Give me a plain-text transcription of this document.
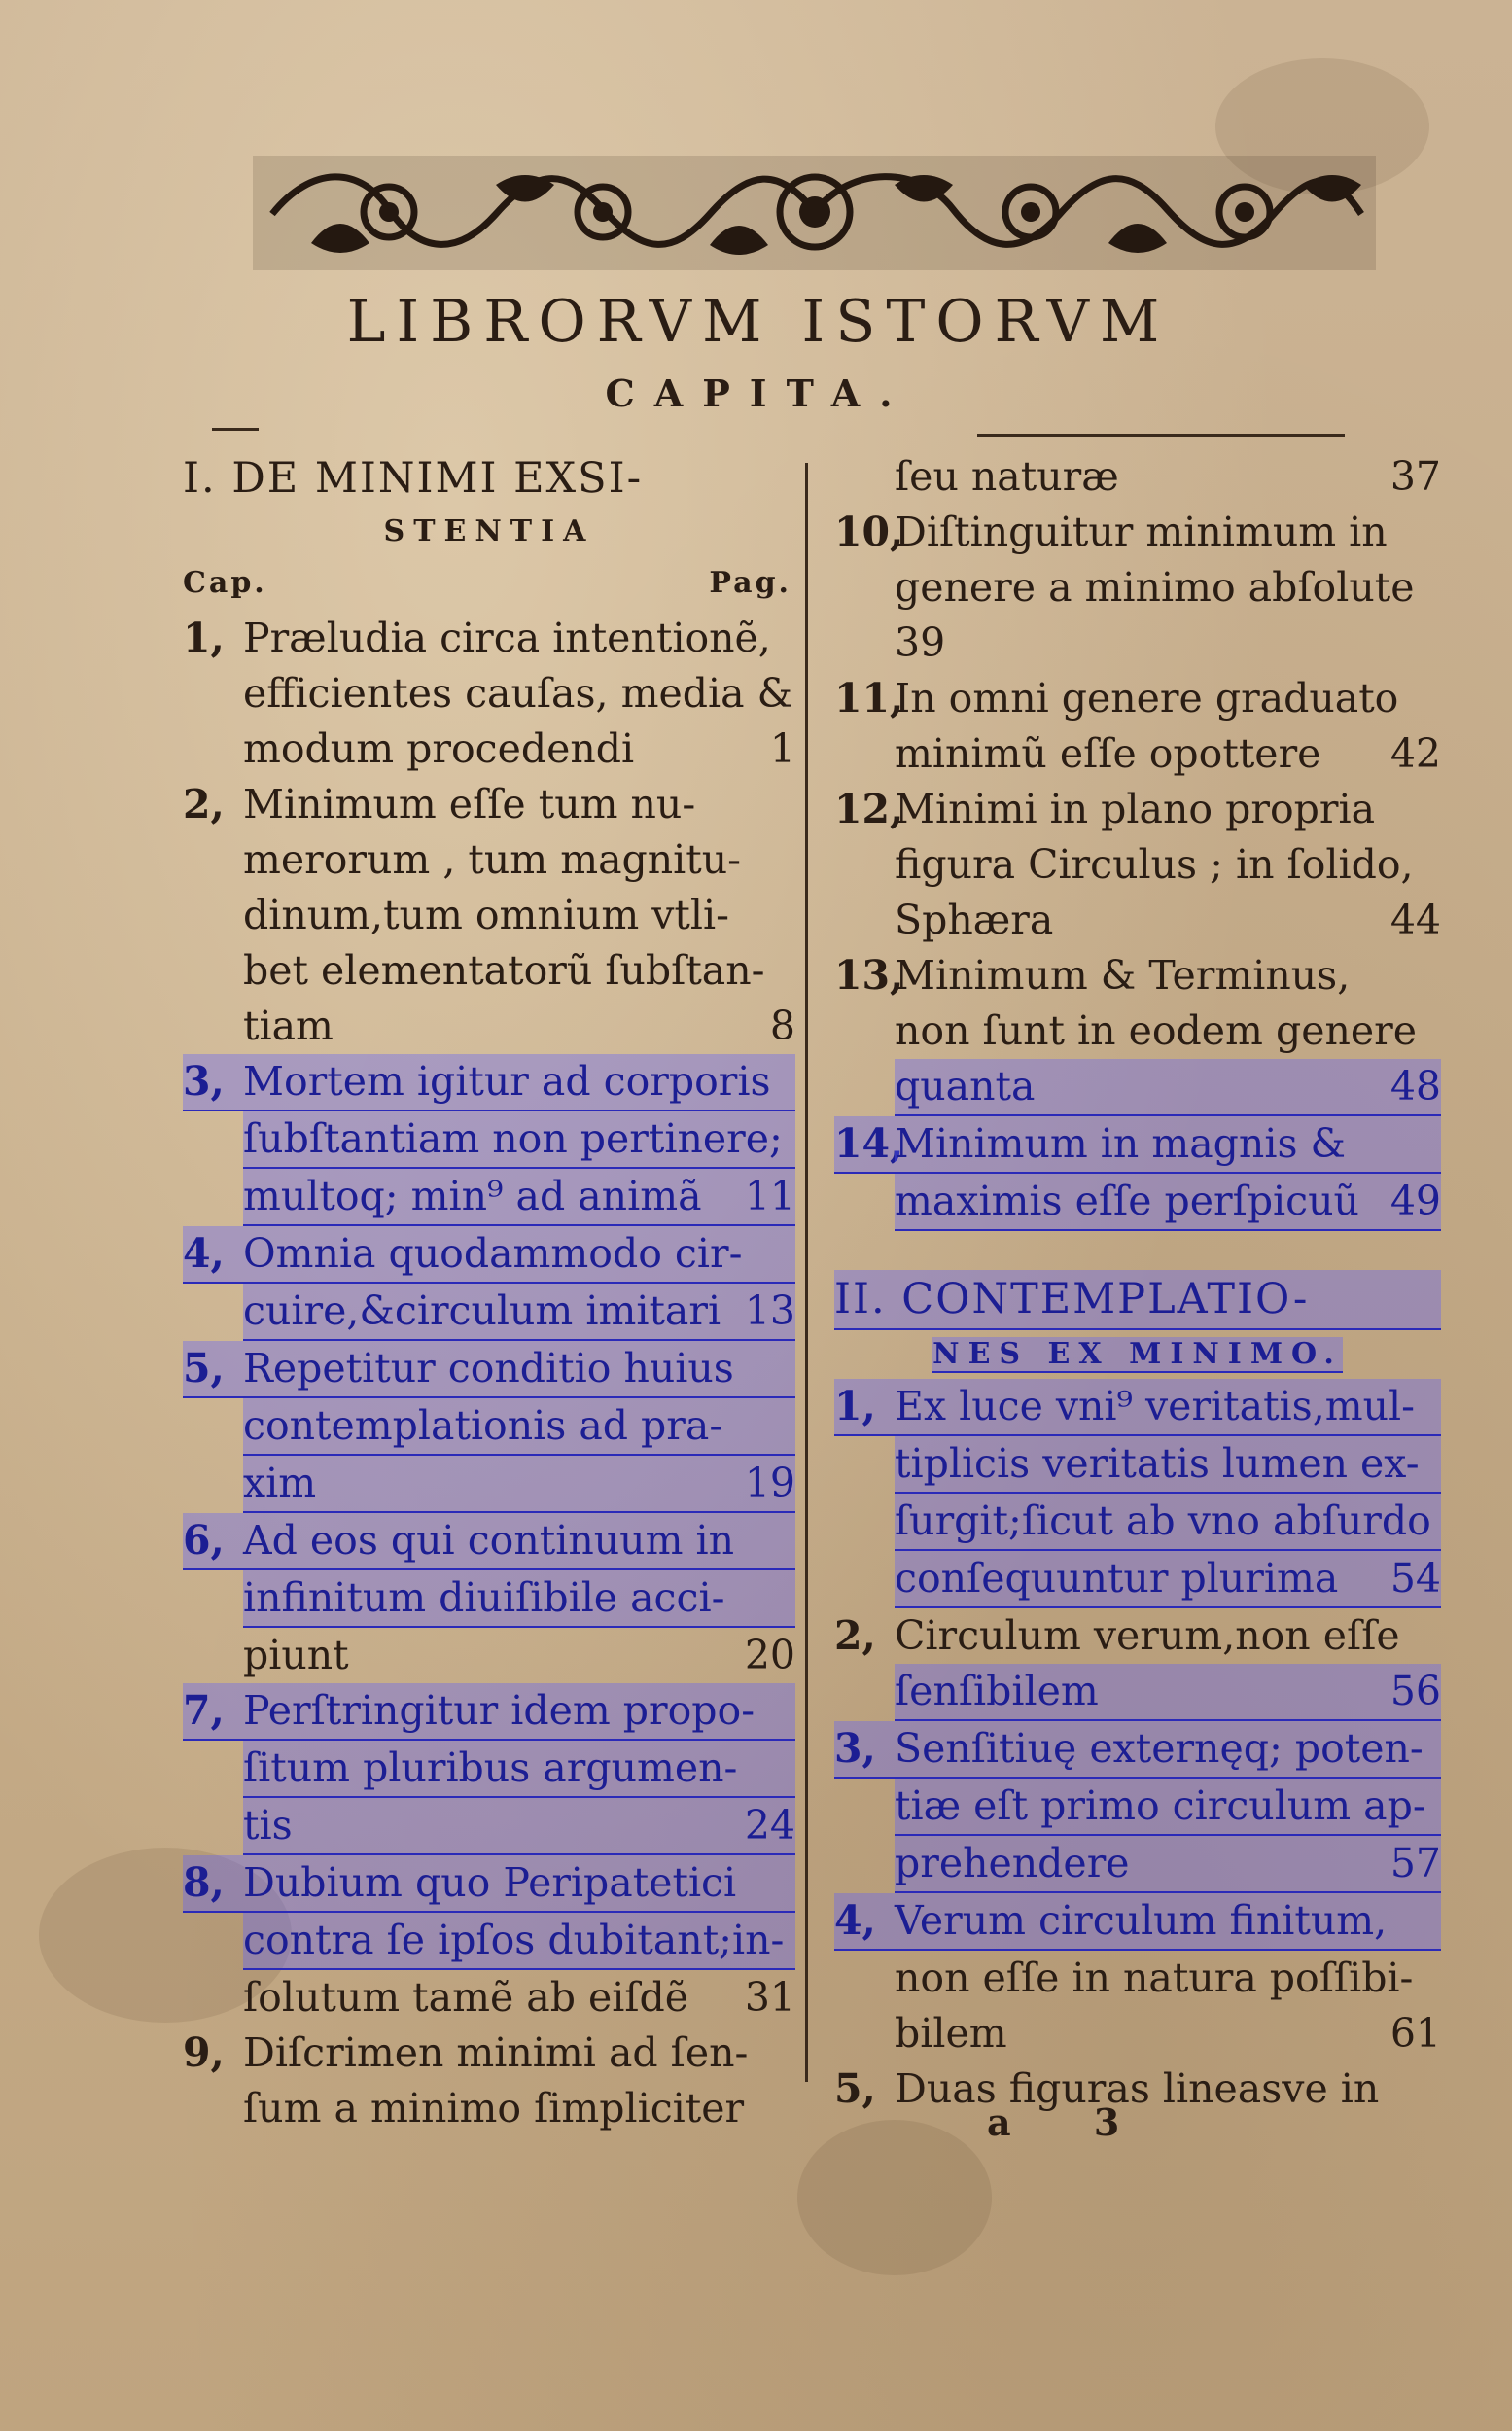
LIBRORVM ISTORVM
CAPITA.
I. DE MINIMI EXSI-
STENTIA
Cap.	Pag.
1, Præludia circa intentionẽ,
efficientes cauſas, media &
modum procedendi	1
2, Minimum eſſe tum nu-
merorum , tum magnitu-
dinum,tum omnium vtli-
bet elementatorũ ſubſtan-
tiam	8
3, Mortem igitur ad corporis
ſubſtantiam non pertinere;
multoq; min⁹ ad animã 11
4, Omnia quodammodo cir-
cuire,&circulum imitari 13
5, Repetitur conditio huius
contemplationis ad pra-
xim	19
6, Ad eos qui continuum in
infinitum diuiſibile acci-
piunt	20
7, Perſtringitur idem propo-
ſitum pluribus argumen-
tis	24
8, Dubium quo Peripatetici
contra ſe ipſos dubitant;in-
ſolutum tamẽ ab eiſdẽ 31
9, Diſcrimen minimi ad ſen-
ſum a minimo ſimpliciter
ſeu naturæ	37
10,
Diſtinguitur minimum in
genere a minimo abſolute
39
11,
In omni genere graduato
minimũ eſſe opottere 42
12,
Minimi in plano propria
figura Circulus ; in ſolido,
Sphæra	44
13,
Minimum & Terminus,
non ſunt in eodem genere
quanta	48
14,
Minimum in magnis &
maximis eſſe perſpicuũ 49
II. CONTEMPLATIO-
NES EX MINIMO.
1, Ex luce vni⁹ veritatis,mul-
tiplicis veritatis lumen ex-
ſurgit;ſicut ab vno abſurdo
conſequuntur plurima 54
2, Circulum verum,non eſſe
ſenſibilem	56
3, Senſitiuę externęq; poten-
tiæ eſt primo circulum ap-
prehendere	57
4, Verum circulum finitum,
non eſſe in natura poſſibi-
bilem	61
5, Duas figuras lineasve in
a 3
